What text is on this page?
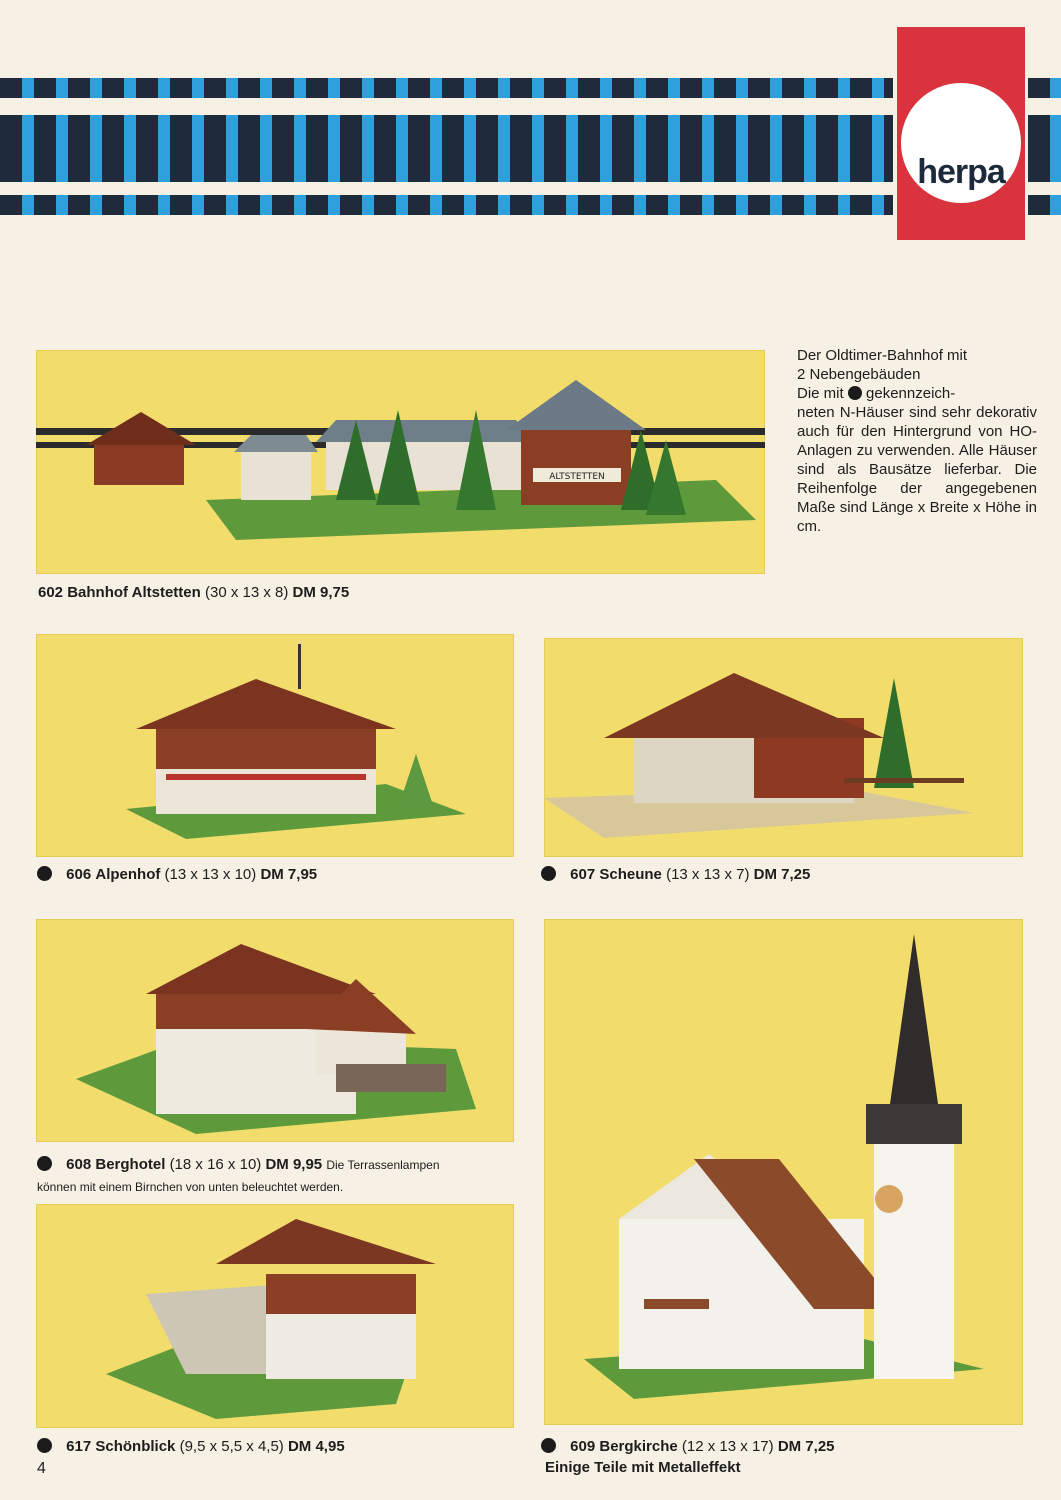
herpa
ALTSTETTEN
602 Bahnhof Altstetten (30 x 13 x 8) DM 9,75

Der Oldtimer-Bahnhof mit

2 Nebengebäuden

Die mit gekennzeich-

neten N-Häuser sind sehr dekorativ auch für den Hintergrund von HO-Anlagen zu verwenden. Alle Häuser sind als Bausätze lieferbar. Die Reihenfolge der angegebenen Maße sind Länge x Breite x Höhe in cm.

606 Alpenhof (13 x 13 x 10) DM 7,95	607 Scheune (13 x 13 x 7) DM 7,25
608 Berghotel (18 x 16 x 10) DM 9,95 Die Terrassenlampen
können mit einem Birnchen von unten beleuchtet werden.
617 Schönblick (9,5 x 5,5 x 4,5) DM 4,95	609 Bergkirche (12 x 13 x 17) DM 7,25
Einige Teile mit Metalleffekt
4
